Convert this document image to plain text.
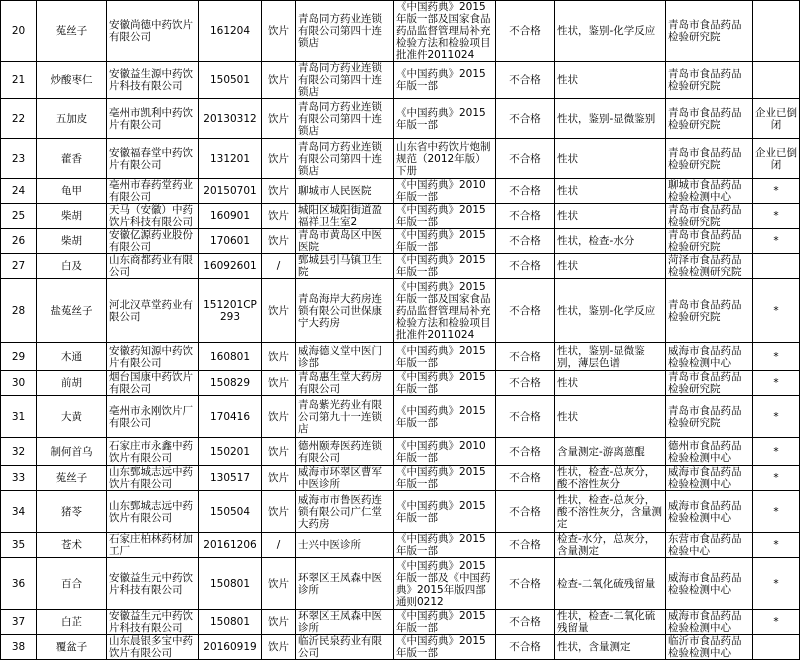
20	菟丝子	安徽尚德中药饮片有限公司	161204	饮片	青岛同方药业连锁有限公司第四十连锁店	《中国药典》2015年版一部及国家食品药品监督管理局补充检验方法和检验项目批准件2011024	不合格	性状，鉴别-化学反应	青岛市食品药品检验研究院	
21	炒酸枣仁	安徽益生源中药饮片科技有限公司	150501	饮片	青岛同方药业连锁有限公司第四十连锁店	《中国药典》2015年版一部	不合格	性状	青岛市食品药品检验研究院	
22	五加皮	亳州市凯利中药饮片有限公司	20130312	饮片	青岛同方药业连锁有限公司第四十连锁店	《中国药典》2015年版一部	不合格	性状，鉴别-显微鉴别	青岛市食品药品检验研究院	企业已倒闭
23	藿香	安徽福春堂中药饮片有限公司	131201	饮片	青岛同方药业连锁有限公司第四十连锁店	山东省中药饮片炮制规范（2012年版）下册	不合格	性状	青岛市食品药品检验研究院	企业已倒闭
24	龟甲	亳州市春药堂药业有限公司	20150701	饮片	聊城市人民医院	《中国药典》2010年版一部	不合格	性状	聊城市食品药品检验检测中心	*
25	柴胡	天马（安徽）中药饮片科技有限公司	160901	饮片	城阳区城阳街道盈福祥卫生室2	《中国药典》2015年版一部	不合格	性状	青岛市食品药品检验研究院	*
26	柴胡	安徽亿源药业股份有限公司	170601	饮片	青岛市黄岛区中医医院	《中国药典》2015年版一部	不合格	性状，检查-水分	青岛市食品药品检验研究院	*
27	白及	山东商都药业有限公司	16092601	/	鄄城县引马镇卫生院	《中国药典》2015年版一部	不合格	性状	菏泽市食品药品检验检测研究院	
28	盐菟丝子	河北汉草堂药业有限公司	151201CP293	饮片	青岛海岸大药房连锁有限公司世保康宁大药房	《中国药典》2015年版一部及国家食品药品监督管理局补充检验方法和检验项目批准件2011024	不合格	性状，鉴别-化学反应	青岛市食品药品检验研究院	*
29	木通	安徽药知源中药饮片有限公司	160801	饮片	威海德义堂中医门诊部	《中国药典》2015年版一部	不合格	性状，鉴别-显微鉴别，薄层色谱	威海市食品药品检验检测中心	*
30	前胡	烟台国康中药饮片有限公司	150829	饮片	青岛惠生堂大药房有限公司	《中国药典》2015年版一部	不合格	性状	青岛市食品药品检验研究院	*
31	大黄	亳州市永刚饮片厂有限公司	170416	饮片	青岛紫光药业有限公司第九十一连锁店	《中国药典》2015年版一部	不合格	性状	青岛市食品药品检验研究院	*
32	制何首乌	石家庄市永鑫中药饮片有限公司	150201	饮片	德州颐寿医药连锁有限公司	《中国药典》2010年版一部	不合格	含量测定-游离蒽醌	德州市食品药品检验检测中心	*
33	菟丝子	山东鄄城志远中药饮片有限公司	130517	饮片	威海市环翠区曹军中医诊所	《中国药典》2015年版一部	不合格	性状，检查-总灰分，酸不溶性灰分	威海市食品药品检验检测中心	*
34	猪苓	山东鄄城志远中药饮片有限公司	150504	饮片	威海市市鲁医药连锁有限公司广仁堂大药房	《中国药典》2015年版一部	不合格	性状，检查-总灰分，酸不溶性灰分，含量测定	威海市食品药品检验检测中心	*
35	苍术	石家庄柏林药材加工厂	20161206	/	士兴中医诊所	《中国药典》2015年版一部	不合格	检查-水分，总灰分，含量测定	东营市食品药品检验中心	*
36	百合	安徽益生元中药饮片科技有限公司	150801	饮片	环翠区王凤森中医诊所	《中国药典》2015年版一部及《中国药典》2015年版四部通则0212	不合格	检查-二氧化硫残留量	威海市食品药品检验检测中心	*
37	白芷	安徽益生元中药饮片科技有限公司	150801	饮片	环翠区王凤森中医诊所	《中国药典》2015年版一部	不合格	性状，检查-二氧化硫残留量	威海市食品药品检验检测中心	*
38	覆盆子	山东晨银多宝中药饮片有限公司	20160919	饮片	临沂民泉药业有限公司	《中国药典》2015年版一部	不合格	性状，含量测定	临沂市食品药品检验检测中心	
